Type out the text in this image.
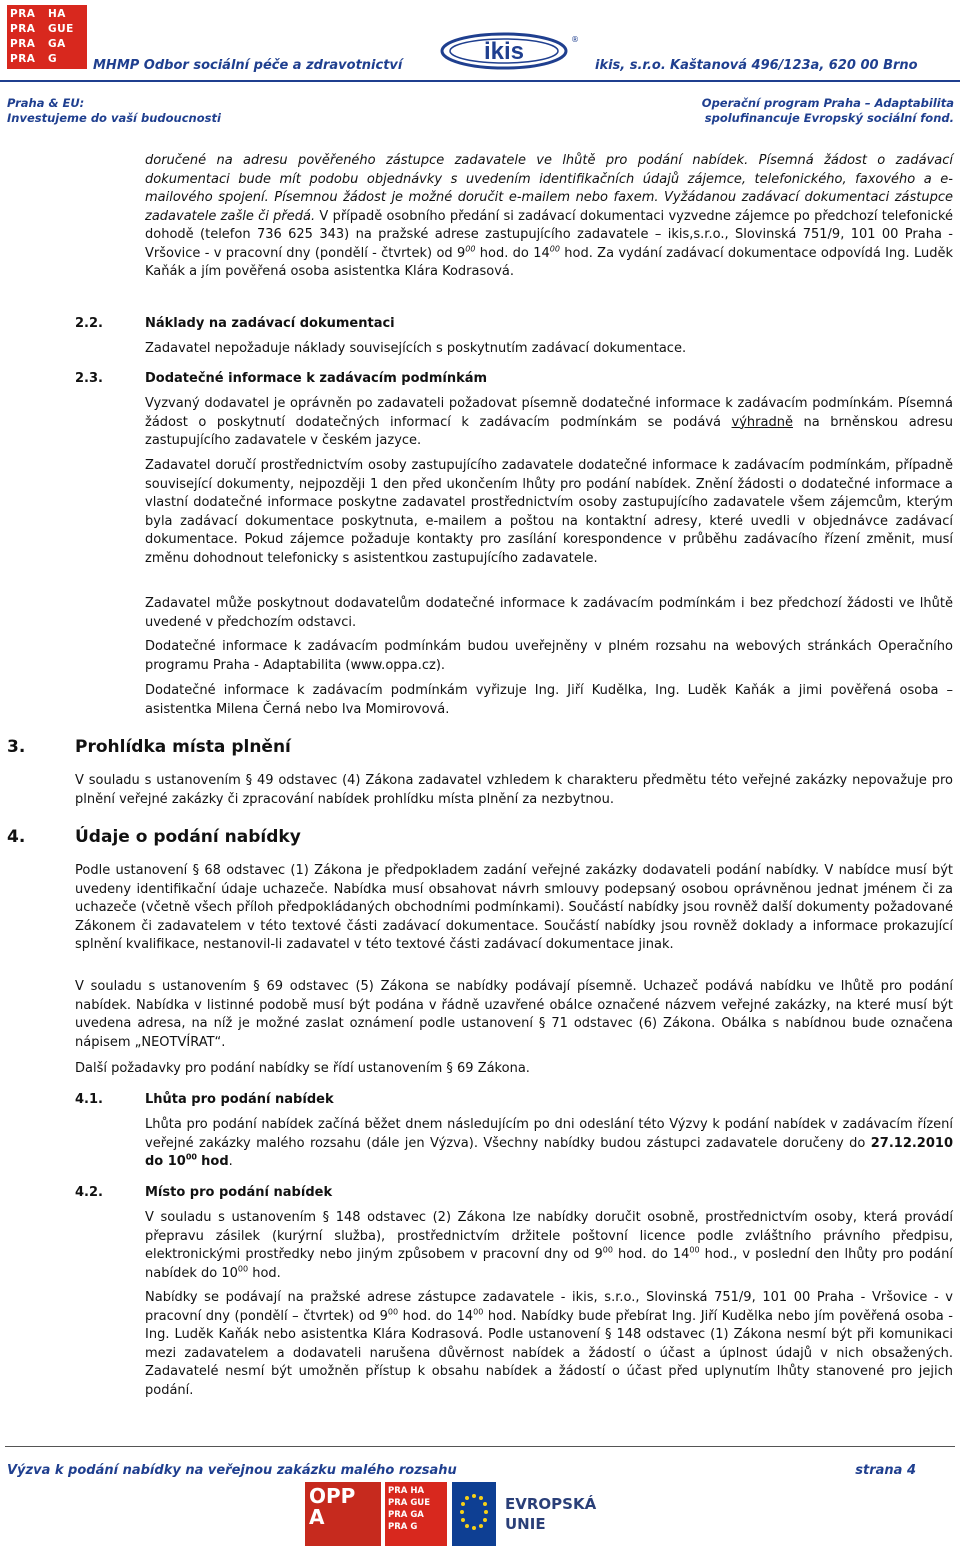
PRA	HA
PRA	GUE
PRA	GA
PRA	G	MHMP Odbor sociální péče a zdravotnictví
ikis	®
ikis, s.r.o. Kaštanová 496/123a, 620 00 Brno
Praha & EU:
Investujeme do vaší budoucnosti
Operační program Praha – Adaptabilita
spolufinancuje Evropský sociální fond.
doručené na adresu pověřeného zástupce zadavatele ve lhůtě pro podání nabídek. Písemná žádost o zadávací dokumentaci bude mít podobu objednávky s uvedením identifikačních údajů zájemce, telefonického, faxového a e-mailového spojení. Písemnou žádost je možné doručit e-mailem nebo faxem. Vyžádanou zadávací dokumentaci zástupce zadavatele zašle či předá. V případě osobního předání si zadávací dokumentaci vyzvedne zájemce po předchozí telefonické dohodě (telefon 736 625 343) na pražské adrese zastupujícího zadavatele – ikis,s.r.o., Slovinská 751/9, 101 00 Praha - Vršovice - v pracovní dny (pondělí - čtvrtek) od $9^{00}$ hod. do $14^{00}$ hod. Za vydání zadávací dokumentace odpovídá Ing. Luděk Kaňák a jím pověřená osoba asistentka Klára Kodrasová.
2.2.	Náklady na zadávací dokumentaci
Zadavatel nepožaduje náklady souvisejících s poskytnutím zadávací dokumentace.
2.3.	Dodatečné informace k zadávacím podmínkám
Vyzvaný dodavatel je oprávněn po zadavateli požadovat písemně dodatečné informace k zadávacím podmínkám. Písemná žádost o poskytnutí dodatečných informací k zadávacím podmínkám se podává výhradně na brněnskou adresu zastupujícího zadavatele v českém jazyce.
Zadavatel doručí prostřednictvím osoby zastupujícího zadavatele dodatečné informace k zadávacím podmínkám, případně související dokumenty, nejpozději 1 den před ukončením lhůty pro podání nabídek. Znění žádosti o dodatečné informace a vlastní dodatečné informace poskytne zadavatel prostřednictvím osoby zastupujícího zadavatele všem zájemcům, kterým byla zadávací dokumentace poskytnuta, e-mailem a poštou na kontaktní adresy, které uvedli v objednávce zadávací dokumentace. Pokud zájemce požaduje kontakty pro zasílání korespondence v průběhu zadávacího řízení změnit, musí změnu dohodnout telefonicky s asistentkou zastupujícího zadavatele.
Zadavatel může poskytnout dodavatelům dodatečné informace k zadávacím podmínkám i bez předchozí žádosti ve lhůtě uvedené v předchozím odstavci.
Dodatečné informace k zadávacím podmínkám budou uveřejněny v plném rozsahu na webových stránkách Operačního programu Praha - Adaptabilita (www.oppa.cz).
Dodatečné informace k zadávacím podmínkám vyřizuje Ing. Jiří Kudělka, Ing. Luděk Kaňák a jimi pověřená osoba – asistentka Milena Černá nebo Iva Momirovová.
3.	Prohlídka místa plnění
V souladu s ustanovením § 49 odstavec (4) Zákona zadavatel vzhledem k charakteru předmětu této veřejné zakázky nepovažuje pro plnění veřejné zakázky či zpracování nabídek prohlídku místa plnění za nezbytnou.
4.	Údaje o podání nabídky
Podle ustanovení § 68 odstavec (1) Zákona je předpokladem zadání veřejné zakázky dodavateli podání nabídky. V nabídce musí být uvedeny identifikační údaje uchazeče. Nabídka musí obsahovat návrh smlouvy podepsaný osobou oprávněnou jednat jménem či za uchazeče (včetně všech příloh předpokládaných obchodními podmínkami). Součástí nabídky jsou rovněž další dokumenty požadované Zákonem či zadavatelem v této textové části zadávací dokumentace. Součástí nabídky jsou rovněž doklady a informace prokazující splnění kvalifikace, nestanovil-li zadavatel v této textové části zadávací dokumentace jinak.
V souladu s ustanovením § 69 odstavec (5) Zákona se nabídky podávají písemně. Uchazeč podává nabídku ve lhůtě pro podání nabídek. Nabídka v listinné podobě musí být podána v řádně uzavřené obálce označené názvem veřejné zakázky, na které musí být uvedena adresa, na níž je možné zaslat oznámení podle ustanovení § 71 odstavec (6) Zákona. Obálka s nabídnou bude označena nápisem „NEOTVÍRAT“.
Další požadavky pro podání nabídky se řídí ustanovením § 69 Zákona.
4.1.	Lhůta pro podání nabídek
Lhůta pro podání nabídek začíná běžet dnem následujícím po dni odeslání této Výzvy k podání nabídek v zadávacím řízení veřejné zakázky malého rozsahu (dále jen Výzva). Všechny nabídky budou zástupci zadavatele doručeny do 27.12.2010 do $10^{00}$ hod.
4.2.	Místo pro podání nabídek
V souladu s ustanovením § 148 odstavec (2) Zákona lze nabídky doručit osobně, prostřednictvím osoby, která provádí přepravu zásilek (kurýrní služba), prostřednictvím držitele poštovní licence podle zvláštního právního předpisu, elektronickými prostředky nebo jiným způsobem v pracovní dny od $9^{00}$ hod. do $14^{00}$ hod., v poslední den lhůty pro podání nabídek do $10^{00}$ hod.
Nabídky se podávají na pražské adrese zástupce zadavatele - ikis, s.r.o., Slovinská 751/9, 101 00 Praha - Vršovice - v pracovní dny (pondělí – čtvrtek) od $9^{00}$ hod. do $14^{00}$ hod. Nabídky bude přebírat Ing. Jiří Kudělka nebo jím pověřená osoba - Ing. Luděk Kaňák nebo asistentka Klára Kodrasová. Podle ustanovení § 148 odstavec (1) Zákona nesmí být při komunikaci mezi zadavatelem a dodavateli narušena důvěrnost nabídek a žádostí o účast a úplnost údajů v nich obsažených. Zadavatelé nesmí být umožněn přístup k obsahu nabídek a žádostí o účast před uplynutím lhůty stanovené pro jejich podání.
Výzva k podání nabídky na veřejnou zakázku malého rozsahu	strana 4
OPP
A
PRA HA
PRA GUE
PRA GA
PRA G
EVROPSKÁ
UNIE
